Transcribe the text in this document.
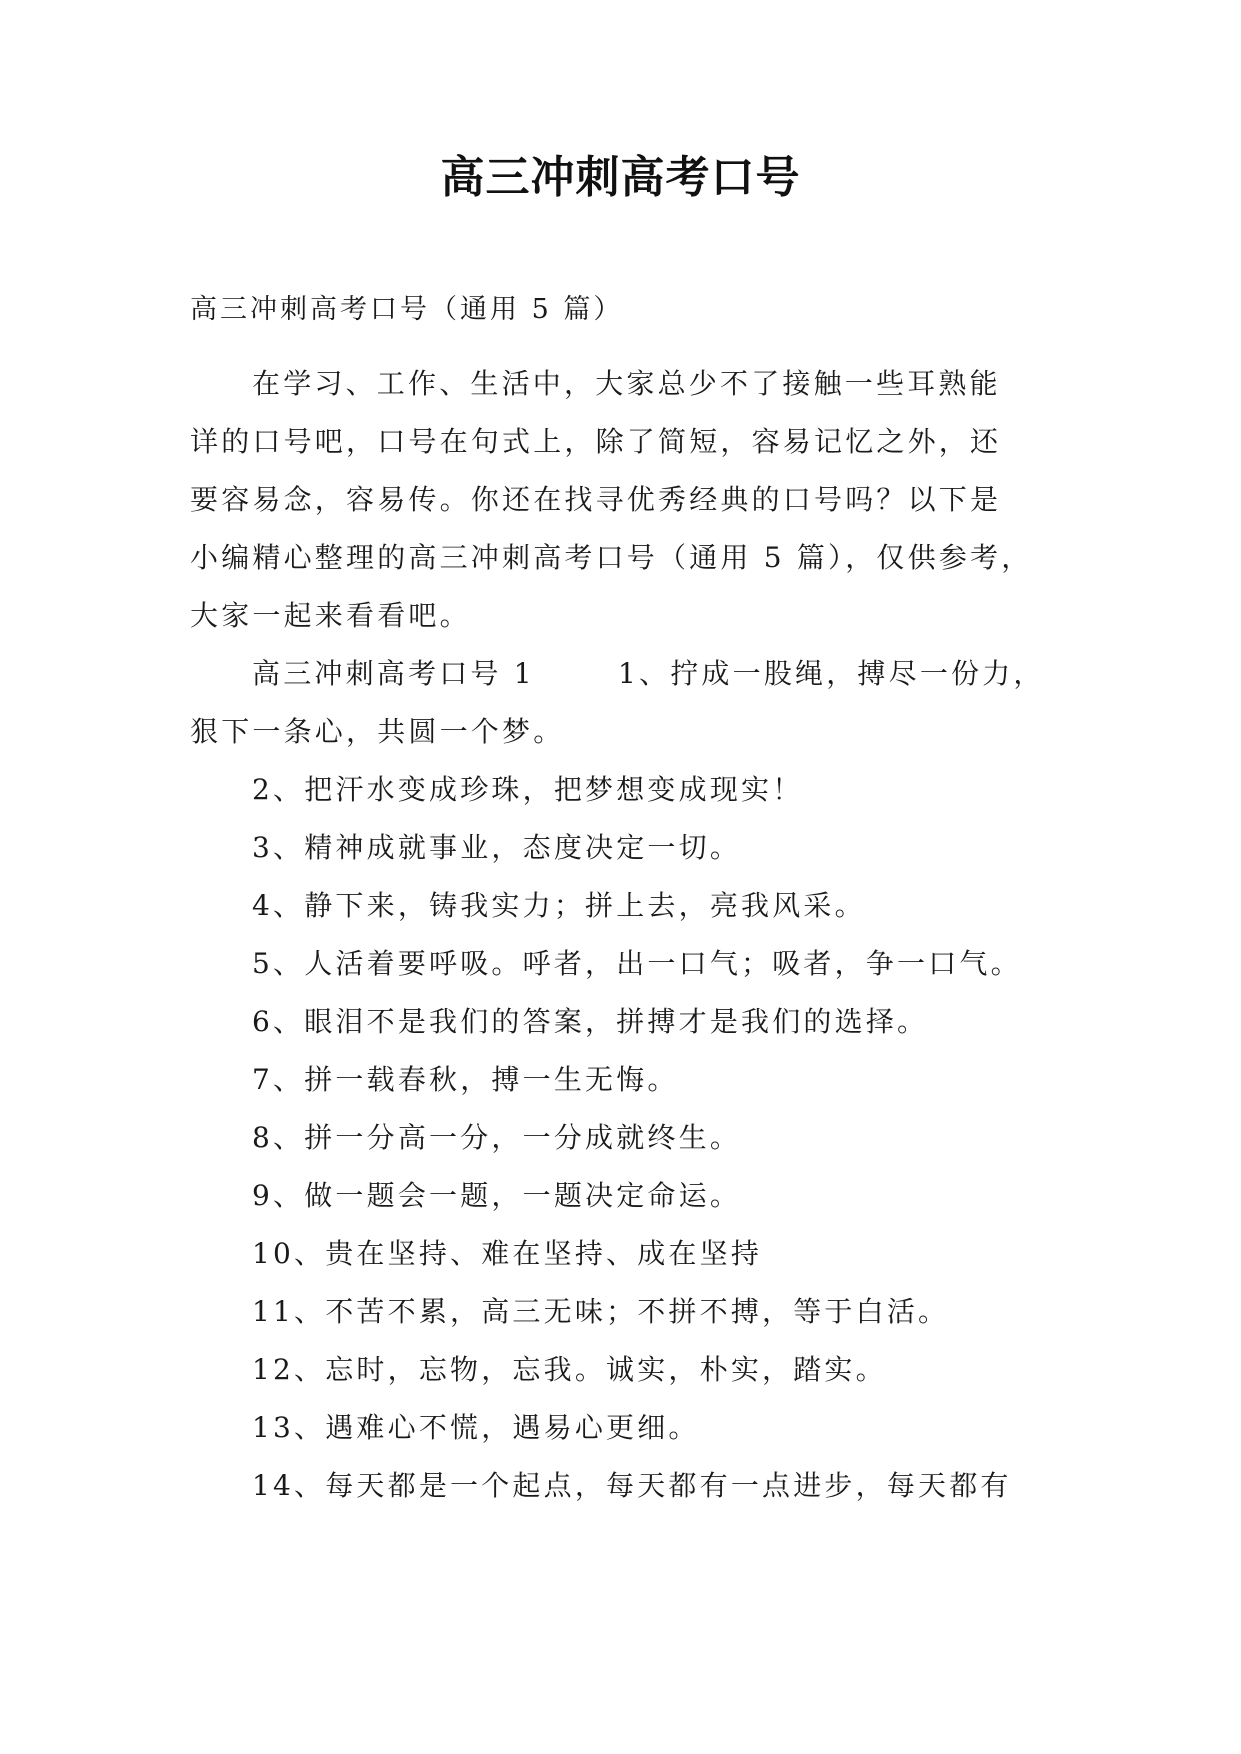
高三冲刺高考口号
高三冲刺高考口号（通用 5 篇）
在学习、工作、生活中，大家总少不了接触一些耳熟能
详的口号吧，口号在句式上，除了简短，容易记忆之外，还
要容易念，容易传。你还在找寻优秀经典的口号吗？以下是
小编精心整理的高三冲刺高考口号（通用 5 篇），仅供参考，
大家一起来看看吧。
高三冲刺高考口号 1	1、拧成一股绳，搏尽一份力，
狠下一条心，共圆一个梦。
2、把汗水变成珍珠，把梦想变成现实！
3、精神成就事业，态度决定一切。
4、静下来，铸我实力；拼上去，亮我风采。
5、人活着要呼吸。呼者，出一口气；吸者，争一口气。
6、眼泪不是我们的答案，拼搏才是我们的选择。
7、拼一载春秋，搏一生无悔。
8、拼一分高一分，一分成就终生。
9、做一题会一题，一题决定命运。
10、贵在坚持、难在坚持、成在坚持
11、不苦不累，高三无味；不拼不搏，等于白活。
12、忘时，忘物，忘我。诚实，朴实，踏实。
13、遇难心不慌，遇易心更细。
14、每天都是一个起点，每天都有一点进步，每天都有
